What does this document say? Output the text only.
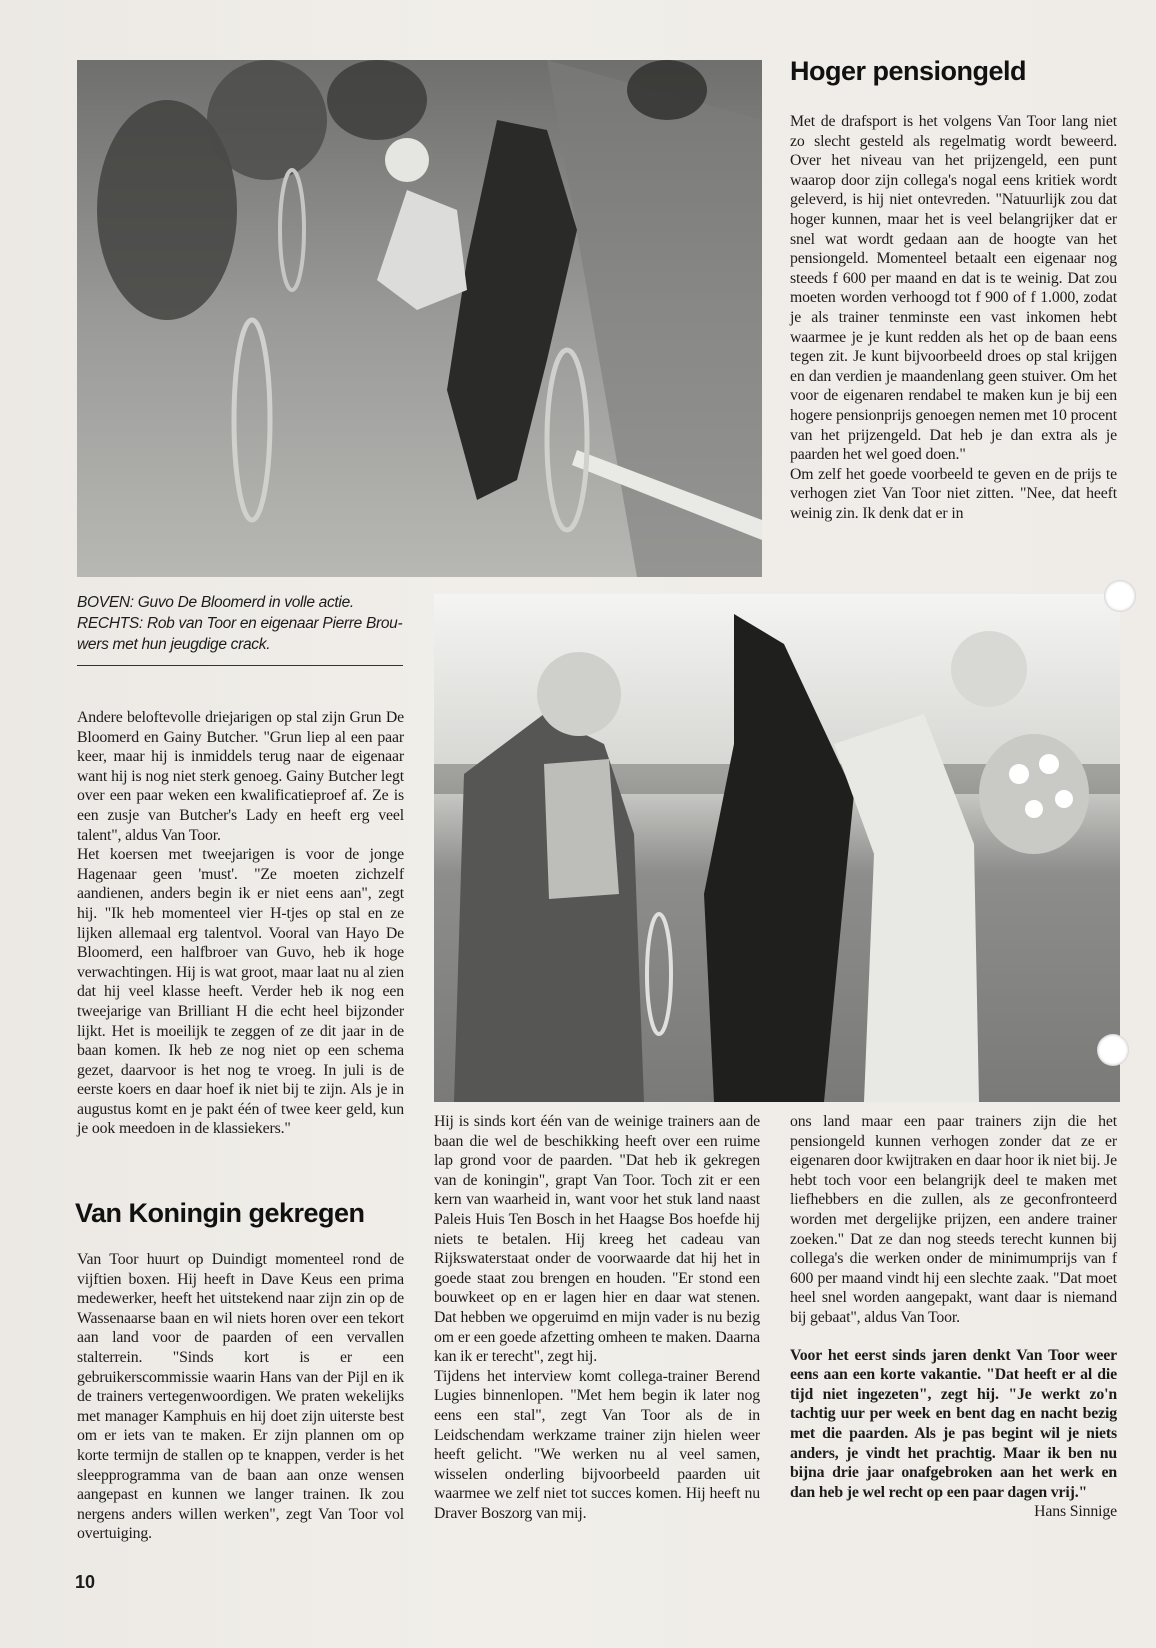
Hoger pensiongeld

Met de drafsport is het volgens Van Toor lang niet zo slecht gesteld als regelmatig wordt beweerd. Over het niveau van het prijzengeld, een punt waarop door zijn collega's nogal eens kritiek wordt geleverd, is hij niet ontevreden. "Natuurlijk zou dat hoger kunnen, maar het is veel belangrijker dat er snel wat wordt gedaan aan de hoogte van het pensiongeld. Momenteel betaalt een eigenaar nog steeds f 600 per maand en dat is te weinig. Dat zou moeten worden verhoogd tot f 900 of f 1.000, zodat je als trainer tenminste een vast inkomen hebt waarmee je je kunt redden als het op de baan eens tegen zit. Je kunt bijvoorbeeld droes op stal krijgen en dan verdien je maandenlang geen stuiver. Om het voor de eigenaren rendabel te maken kun je bij een hogere pensionprijs genoegen nemen met 10 procent van het prijzengeld. Dat heb je dan extra als je paarden het wel goed doen."

Om zelf het goede voorbeeld te geven en de prijs te verhogen ziet Van Toor niet zitten. "Nee, dat heeft weinig zin. Ik denk dat er in

BOVEN: Guvo De Bloomerd in volle actie.
RECHTS: Rob van Toor en eigenaar Pierre Brou-
wers met hun jeugdige crack.

Andere beloftevolle driejarigen op stal zijn Grun De Bloomerd en Gainy Butcher. "Grun liep al een paar keer, maar hij is inmiddels terug naar de eigenaar want hij is nog niet sterk genoeg. Gainy Butcher legt over een paar weken een kwalificatieproef af. Ze is een zusje van Butcher's Lady en heeft erg veel talent", aldus Van Toor.

Het koersen met tweejarigen is voor de jonge Hagenaar geen 'must'. "Ze moeten zichzelf aandienen, anders begin ik er niet eens aan", zegt hij. "Ik heb momenteel vier H-tjes op stal en ze lijken allemaal erg talentvol. Vooral van Hayo De Bloomerd, een halfbroer van Guvo, heb ik hoge verwachtingen. Hij is wat groot, maar laat nu al zien dat hij veel klasse heeft. Verder heb ik nog een tweejarige van Brilliant H die echt heel bijzonder lijkt. Het is moeilijk te zeggen of ze dit jaar in de baan komen. Ik heb ze nog niet op een schema gezet, daarvoor is het nog te vroeg. In juli is de eerste koers en daar hoef ik niet bij te zijn. Als je in augustus komt en je pakt één of twee keer geld, kun je ook meedoen in de klassiekers."

Van Koningin gekregen

Van Toor huurt op Duindigt momenteel rond de vijftien boxen. Hij heeft in Dave Keus een prima medewerker, heeft het uitstekend naar zijn zin op de Wassenaarse baan en wil niets horen over een tekort aan land voor de paarden of een vervallen stalterrein. "Sinds kort is er een gebruikerscommissie waarin Hans van der Pijl en ik de trainers vertegenwoordigen. We praten wekelijks met manager Kamphuis en hij doet zijn uiterste best om er iets van te maken. Er zijn plannen om op korte termijn de stallen op te knappen, verder is het sleepprogramma van de baan aan onze wensen aangepast en kunnen we langer trainen. Ik zou nergens anders willen werken", zegt Van Toor vol overtuiging.

Hij is sinds kort één van de weinige trainers aan de baan die wel de beschikking heeft over een ruime lap grond voor de paarden. "Dat heb ik gekregen van de koningin", grapt Van Toor. Toch zit er een kern van waarheid in, want voor het stuk land naast Paleis Huis Ten Bosch in het Haagse Bos hoefde hij niets te betalen. Hij kreeg het cadeau van Rijkswaterstaat onder de voorwaarde dat hij het in goede staat zou brengen en houden. "Er stond een bouwkeet op en er lagen hier en daar wat stenen. Dat hebben we opgeruimd en mijn vader is nu bezig om er een goede afzetting omheen te maken. Daarna kan ik er terecht", zegt hij.

Tijdens het interview komt collega-trainer Berend Lugies binnenlopen. "Met hem begin ik later nog eens een stal", zegt Van Toor als de in Leidschendam werkzame trainer zijn hielen weer heeft gelicht. "We werken nu al veel samen, wisselen onderling bijvoorbeeld paarden uit waarmee we zelf niet tot succes komen. Hij heeft nu Draver Boszorg van mij.

ons land maar een paar trainers zijn die het pensiongeld kunnen verhogen zonder dat ze er eigenaren door kwijtraken en daar hoor ik niet bij. Je hebt toch voor een belangrijk deel te maken met liefhebbers en die zullen, als ze geconfronteerd worden met dergelijke prijzen, een andere trainer zoeken." Dat ze dan nog steeds terecht kunnen bij collega's die werken onder de minimumprijs van f 600 per maand vindt hij een slechte zaak. "Dat moet heel snel worden aangepakt, want daar is niemand bij gebaat", aldus Van Toor.

Voor het eerst sinds jaren denkt Van Toor weer eens aan een korte vakantie. "Dat heeft er al die tijd niet ingezeten", zegt hij. "Je werkt zo'n tachtig uur per week en bent dag en nacht bezig met die paarden. Als je pas begint wil je niets anders, je vindt het prachtig. Maar ik ben nu bijna drie jaar onafgebroken aan het werk en dan heb je wel recht op een paar dagen vrij."

Hans Sinnige

10
